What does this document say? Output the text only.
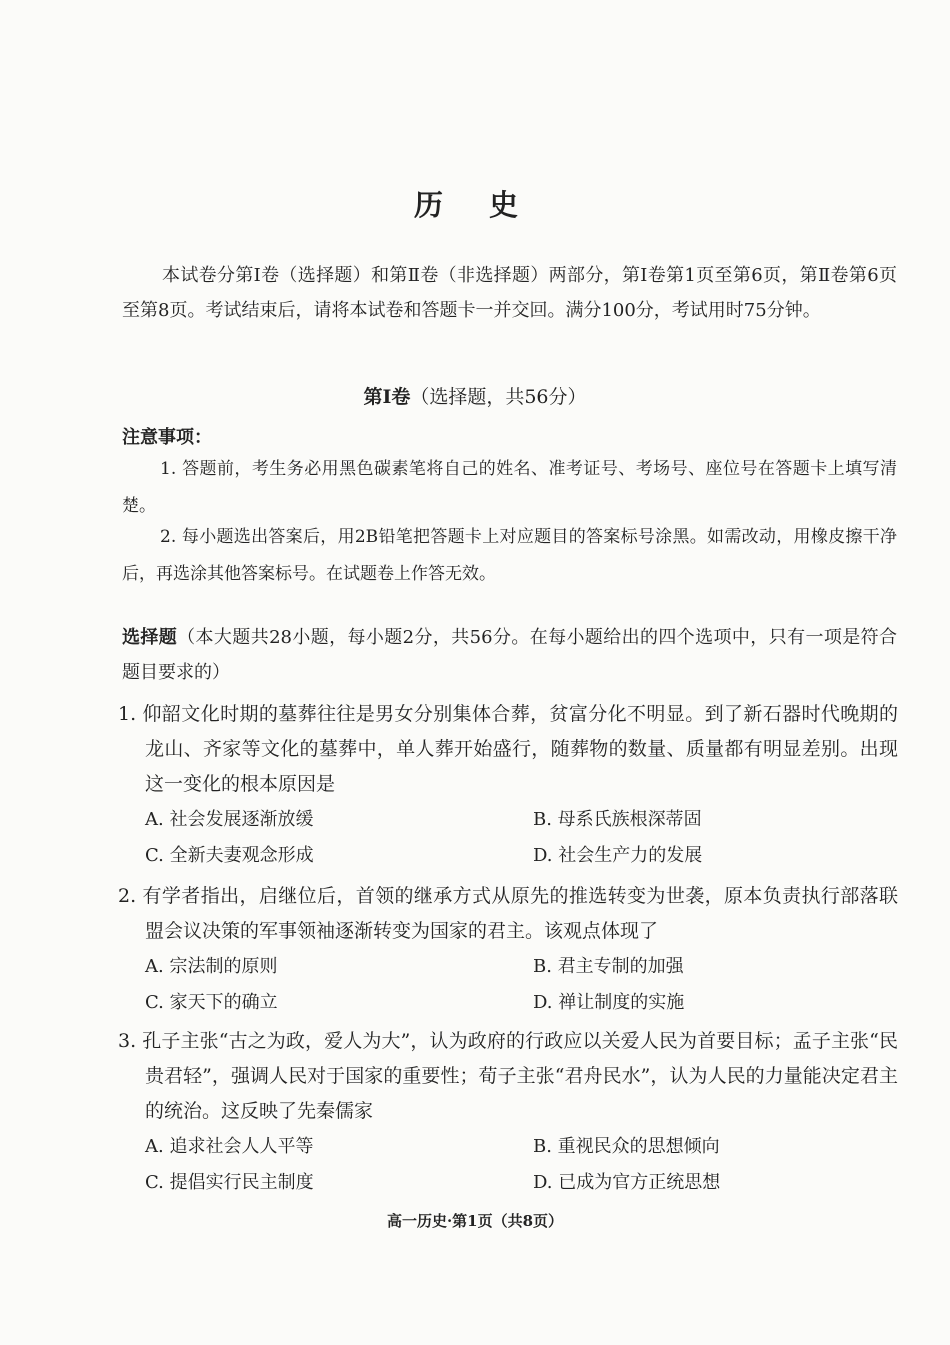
历 史
本试卷分第Ⅰ卷（选择题）和第Ⅱ卷（非选择题）两部分，第Ⅰ卷第1页至第6页，第Ⅱ卷第6页至第8页。考试结束后，请将本试卷和答题卡一并交回。满分100分，考试用时75分钟。
第Ⅰ卷（选择题，共56分）
注意事项：
1. 答题前，考生务必用黑色碳素笔将自己的姓名、准考证号、考场号、座位号在答题卡上填写清楚。
2. 每小题选出答案后，用2B铅笔把答题卡上对应题目的答案标号涂黑。如需改动，用橡皮擦干净后，再选涂其他答案标号。在试题卷上作答无效。
选择题（本大题共28小题，每小题2分，共56分。在每小题给出的四个选项中，只有一项是符合题目要求的）
1. 仰韶文化时期的墓葬往往是男女分别集体合葬，贫富分化不明显。到了新石器时代晚期的龙山、齐家等文化的墓葬中，单人葬开始盛行，随葬物的数量、质量都有明显差别。出现这一变化的根本原因是
A. 社会发展逐渐放缓	B. 母系氏族根深蒂固
C. 全新夫妻观念形成	D. 社会生产力的发展
2. 有学者指出，启继位后，首领的继承方式从原先的推选转变为世袭，原本负责执行部落联盟会议决策的军事领袖逐渐转变为国家的君主。该观点体现了
A. 宗法制的原则	B. 君主专制的加强
C. 家天下的确立	D. 禅让制度的实施
3. 孔子主张“古之为政，爱人为大”，认为政府的行政应以关爱人民为首要目标；孟子主张“民贵君轻”，强调人民对于国家的重要性；荀子主张“君舟民水”，认为人民的力量能决定君主的统治。这反映了先秦儒家
A. 追求社会人人平等	B. 重视民众的思想倾向
C. 提倡实行民主制度	D. 已成为官方正统思想
高一历史·第1页（共8页）
